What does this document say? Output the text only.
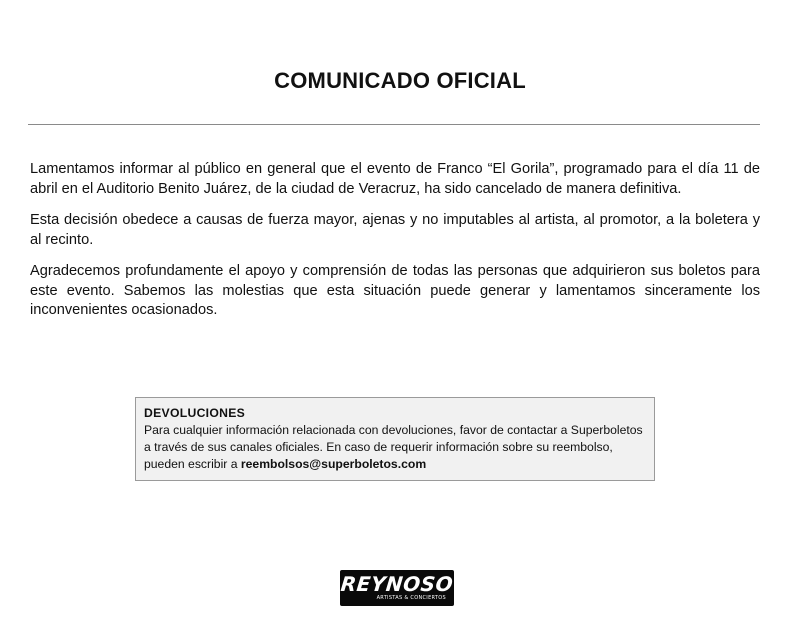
COMUNICADO OFICIAL

Lamentamos informar al público en general que el evento de Franco “El Gorila”, programado para el día 11 de abril en el Auditorio Benito Juárez, de la ciudad de Veracruz, ha sido cancelado de manera definitiva.

Esta decisión obedece a causas de fuerza mayor, ajenas y no imputables al artista, al promotor, a la boletera y al recinto.

Agradecemos profundamente el apoyo y comprensión de todas las personas que adquirieron sus boletos para este evento. Sabemos las molestias que esta situación puede generar y lamentamos sinceramente los inconvenientes ocasionados.

DEVOLUCIONES
Para cualquier información relacionada con devoluciones, favor de contactar a Superboletos a través de sus canales oficiales. En caso de requerir información sobre su reembolso, pueden escribir a reembolsos@superboletos.com
REYNOSO
ARTISTAS & CONCIERTOS
